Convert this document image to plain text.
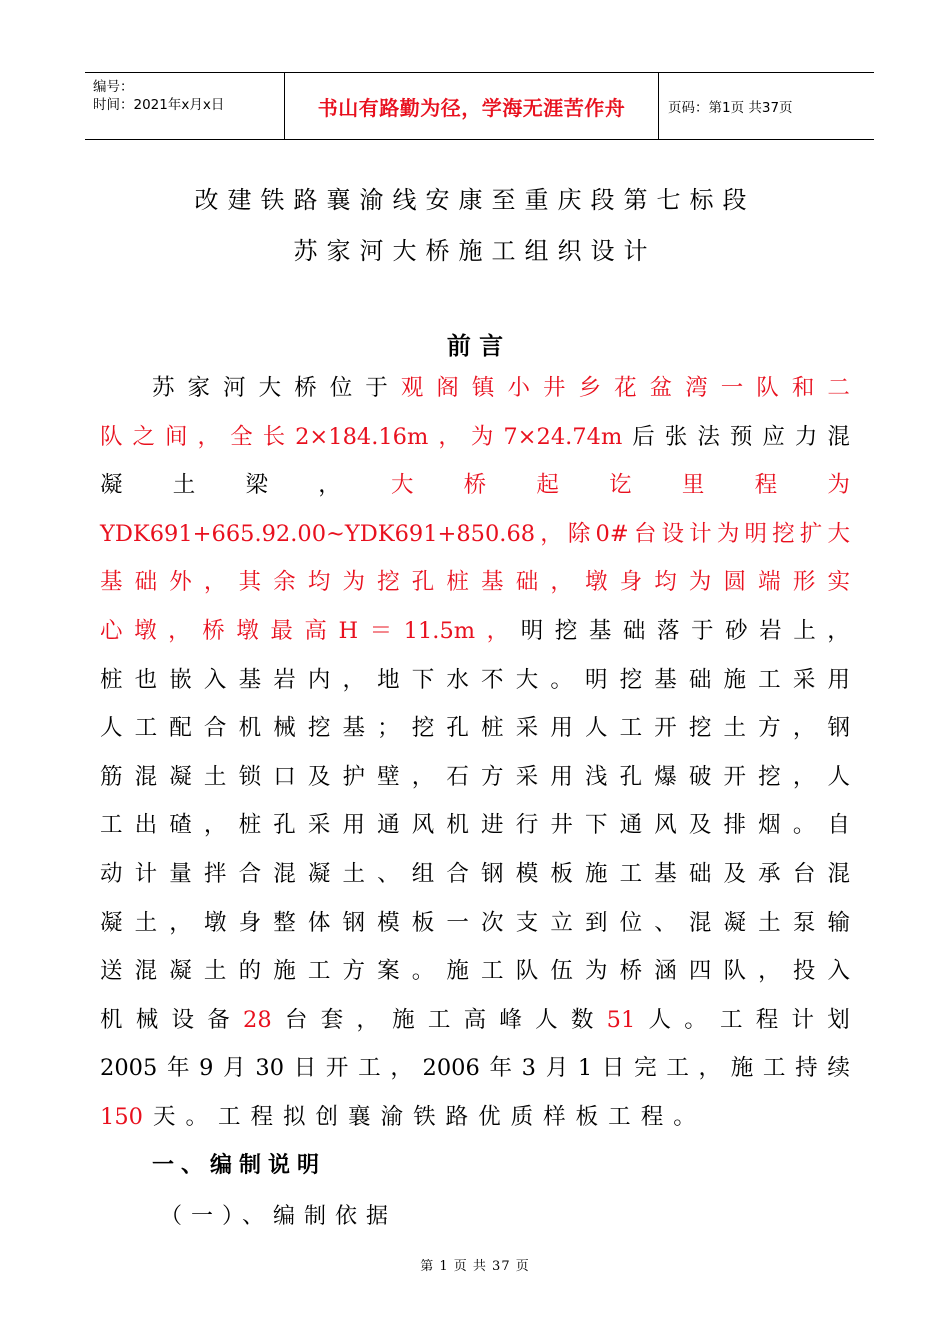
编号：
时间：2021年x月x日	书山有路勤为径，学海无涯苦作舟	页码：第1页 共37页
改建铁路襄渝线安康至重庆段第七标段
苏家河大桥施工组织设计
前 言
苏 家 河 大 桥 位 于 观 阁 镇 小 井 乡 花 盆 湾 一 队 和 二
队 之 间 ， 全 长 2×184.16m ， 为 7×24.74m 后 张 法 预 应 力 混
凝 土 梁 ， 大 桥 起 讫 里 程 为
YDK691+665.92.00~YDK691+850.68 ， 除 0# 台 设 计 为 明 挖 扩 大
基 础 外 ， 其 余 均 为 挖 孔 桩 基 础 ， 墩 身 均 为 圆 端 形 实
心 墩 ， 桥 墩 最 高 H ＝ 11.5m ， 明 挖 基 础 落 于 砂 岩 上 ，
桩 也 嵌 入 基 岩 内 ， 地 下 水 不 大 。 明 挖 基 础 施 工 采 用
人 工 配 合 机 械 挖 基 ； 挖 孔 桩 采 用 人 工 开 挖 土 方 ， 钢
筋 混 凝 土 锁 口 及 护 壁 ， 石 方 采 用 浅 孔 爆 破 开 挖 ， 人
工 出 碴 ， 桩 孔 采 用 通 风 机 进 行 井 下 通 风 及 排 烟 。 自
动 计 量 拌 合 混 凝 土 、 组 合 钢 模 板 施 工 基 础 及 承 台 混
凝 土 ， 墩 身 整 体 钢 模 板 一 次 支 立 到 位 、 混 凝 土 泵 输
送 混 凝 土 的 施 工 方 案 。 施 工 队 伍 为 桥 涵 四 队 ， 投 入
机 械 设 备 28 台 套 ， 施 工 高 峰 人 数 51 人 。 工 程 计 划
2005 年 9 月 30 日 开 工 ， 2006 年 3 月 1 日 完 工 ， 施 工 持 续
150 天 。 工 程 拟 创 襄 渝 铁 路 优 质 样 板 工 程 。
一、编制说明
（一）、编制依据
第 1 页 共 37 页
